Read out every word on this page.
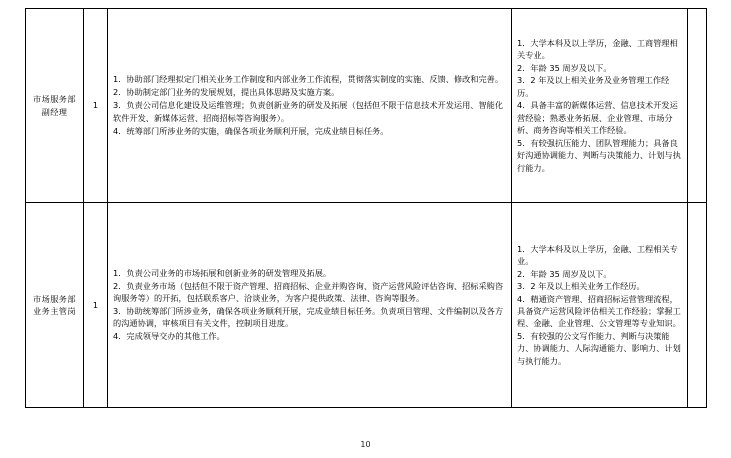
市场服务部副经理	1	
1．协助部门经理拟定门相关业务工作制度和内部业务工作流程，贯彻落实制度的实施、反馈、修改和完善。
2．协助制定部门业务的发展规划，提出具体思路及实施方案。
3．负责公司信息化建设及运维管理；负责创新业务的研发及拓展（包括但不限于信息技术开发运用、智能化软件开发、新媒体运营、招商招标等咨询服务）。
4．统筹部门所涉业务的实施，确保各项业务顺利开展，完成业绩目标任务。

1．大学本科及以上学历，金融、工商管理相关专业。
2．年龄 35 周岁及以下。
3．2 年及以上相关业务及业务管理工作经历。
4．具备丰富的新媒体运营、信息技术开发运营经验；熟悉业务拓展、企业管理、市场分析、商务咨询等相关工作经验。
5．有较强抗压能力、团队管理能力；具备良好沟通协调能力、判断与决策能力、计划与执行能力。

市场服务部业务主管岗	1	
1．负责公司业务的市场拓展和创新业务的研发管理及拓展。
2．负责业务市场（包括但不限于资产管理、招商招标、企业并购咨询、资产运营风险评估咨询、招标采购咨询服务等）的开拓，包括联系客户、洽谈业务，为客户提供政策、法律、咨询等服务。
3．协助统筹部门所涉业务，确保各项业务顺利开展，完成业绩目标任务。负责项目管理、文件编制以及各方的沟通协调，审核项目有关文件，控制项目进度。
4．完成领导交办的其他工作。

1．大学本科及以上学历，金融、工程相关专业。
2．年龄 35 周岁及以下。
3．2 年及以上相关业务工作经历。
4．精通资产管理、招商招标运营管理流程，具备资产运营风险评估相关工作经验；掌握工程、金融、企业管理、公文管理等专业知识。
5．有较强的公文写作能力、判断与决策能力、协调能力、人际沟通能力、影响力、计划与执行能力。

10
